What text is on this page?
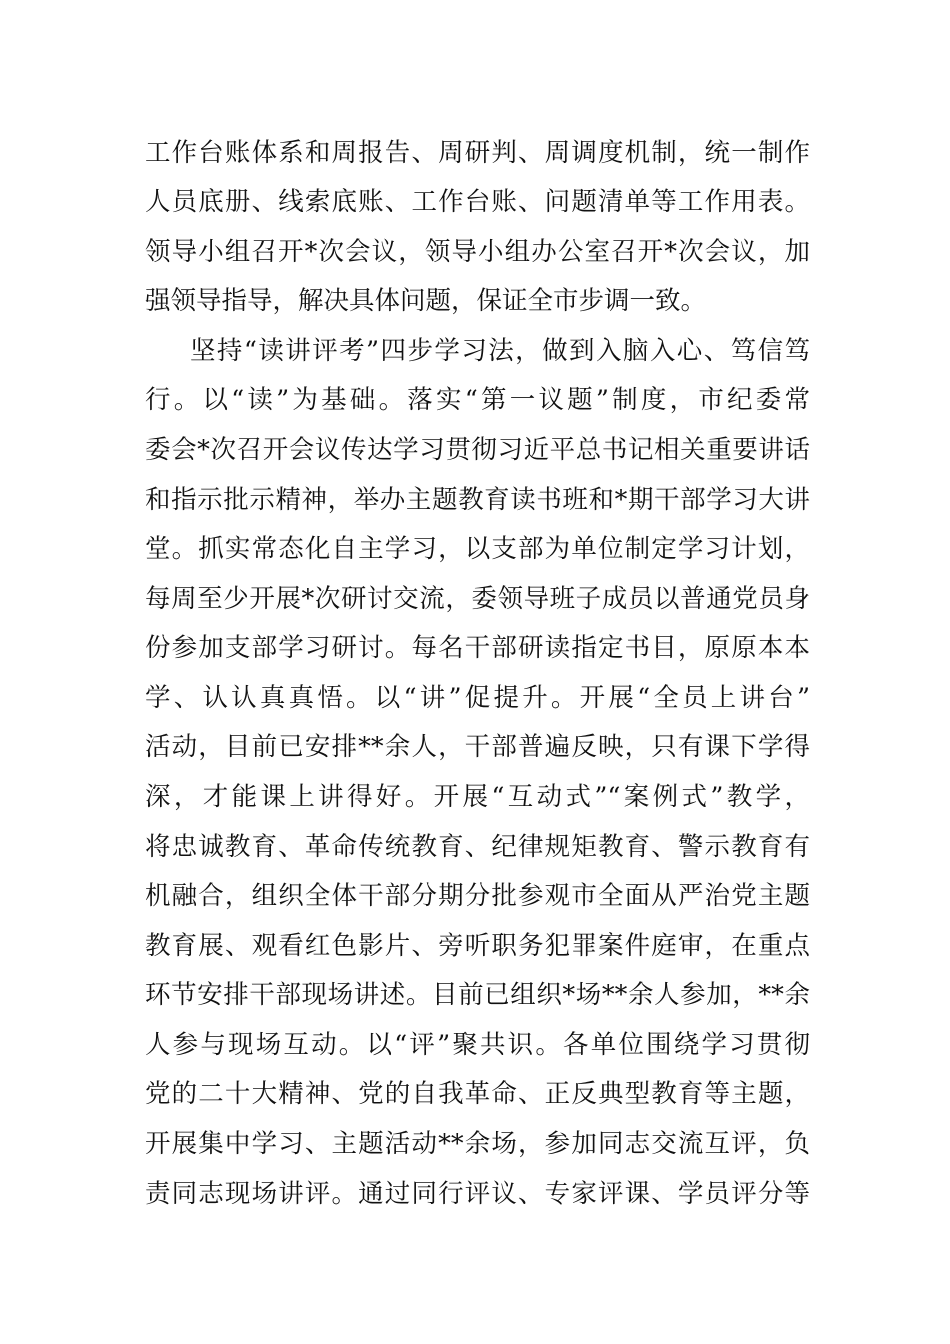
工作台账体系和周报告、周研判、周调度机制，统一制作
人员底册、线索底账、工作台账、问题清单等工作用表。
领导小组召开*次会议，领导小组办公室召开*次会议，加
强领导指导，解决具体问题，保证全市步调一致。
坚持“读讲评考”四步学习法，做到入脑入心、笃信笃
行。以“读”为基础。落实“第一议题”制度，市纪委常
委会*次召开会议传达学习贯彻习近平总书记相关重要讲话
和指示批示精神，举办主题教育读书班和*期干部学习大讲
堂。抓实常态化自主学习，以支部为单位制定学习计划，
每周至少开展*次研讨交流，委领导班子成员以普通党员身
份参加支部学习研讨。每名干部研读指定书目，原原本本
学、认认真真悟。以“讲”促提升。开展“全员上讲台”
活动，目前已安排**余人，干部普遍反映，只有课下学得
深，才能课上讲得好。开展“互动式”“案例式”教学，
将忠诚教育、革命传统教育、纪律规矩教育、警示教育有
机融合，组织全体干部分期分批参观市全面从严治党主题
教育展、观看红色影片、旁听职务犯罪案件庭审，在重点
环节安排干部现场讲述。目前已组织*场**余人参加，**余
人参与现场互动。以“评”聚共识。各单位围绕学习贯彻
党的二十大精神、党的自我革命、正反典型教育等主题，
开展集中学习、主题活动**余场，参加同志交流互评，负
责同志现场讲评。通过同行评议、专家评课、学员评分等
